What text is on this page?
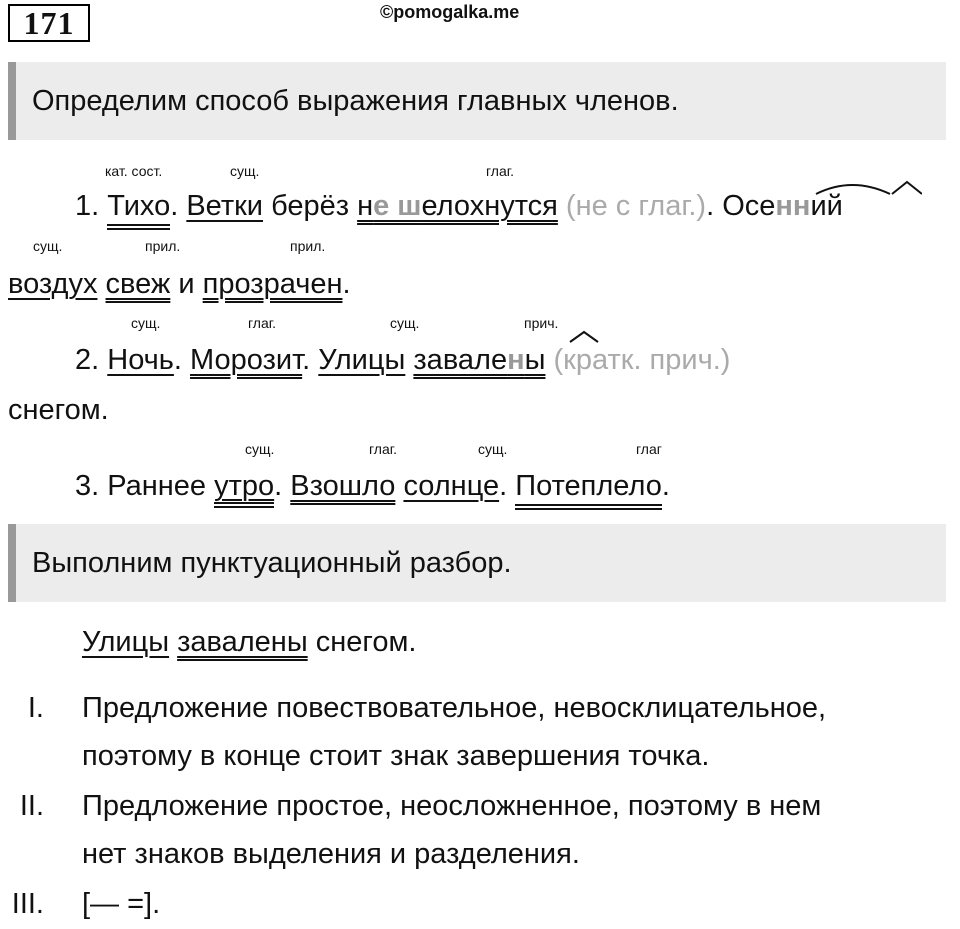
171	©pomogalka.me
Определим способ выражения главных членов.
кат. сост.	сущ.	глаг.
1. Тихо. Ветки берёз не шелохнутся (не с глаг.). Осенний
сущ.	прил.	прил.
воздух свеж и прозрачен.
сущ.	глаг.	сущ.	прич.
2. Ночь. Морозит. Улицы завалены (кратк. прич.)
снегом.
сущ.	глаг.	сущ.	глаг
3. Раннее утро. Взошло солнце. Потеплело.
Выполним пунктуационный разбор.
Улицы завалены снегом.
I. Предложение повествовательное, невосклицательное,
поэтому в конце стоит знак завершения точка.
II. Предложение простое, неосложненное, поэтому в нем
нет знаков выделения и разделения.
III. [— =].
